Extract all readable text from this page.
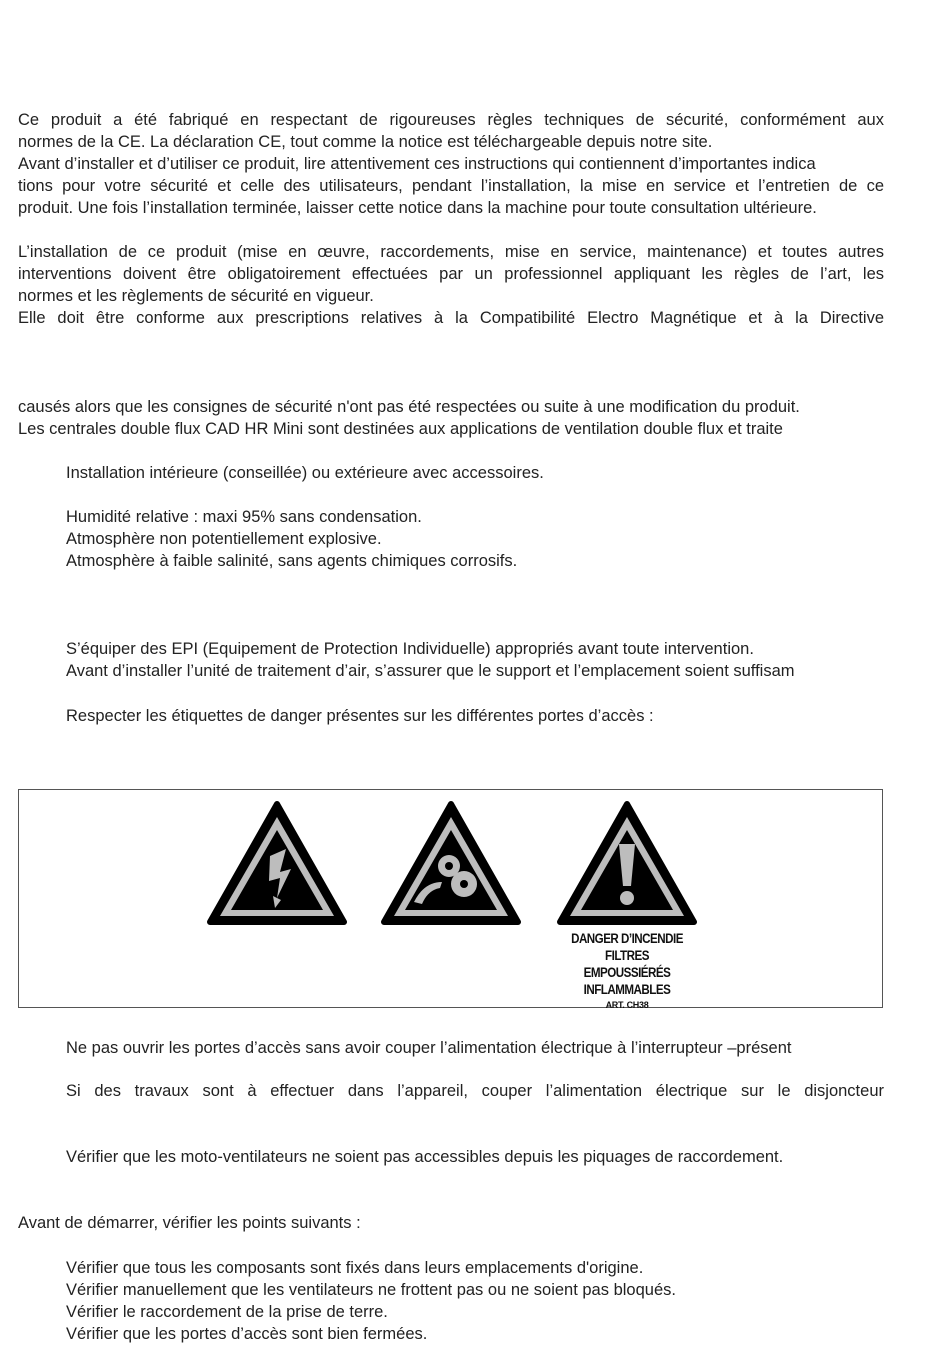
Ce produit a été fabriqué en respectant de rigoureuses règles techniques de sécurité, conformément aux
normes de la CE. La déclaration CE, tout comme la notice est téléchargeable depuis notre site.
Avant d’installer et d’utiliser ce produit, lire attentivement ces instructions qui contiennent d’importantes indica
tions pour votre sécurité et celle des utilisateurs, pendant l’installation, la mise en service et l’entretien de ce
produit. Une fois l’installation terminée, laisser cette notice dans la machine pour toute consultation ultérieure.
L’installation de ce produit (mise en œuvre, raccordements, mise en service, maintenance) et toutes autres
interventions doivent être obligatoirement effectuées par un professionnel appliquant les règles de l’art, les
normes et les règlements de sécurité en vigueur.
Elle doit être conforme aux prescriptions relatives à la Compatibilité Electro Magnétique et à la Directive
causés alors que les consignes de sécurité n'ont pas été respectées ou suite à une modification du produit.
Les centrales double flux CAD HR Mini sont destinées aux applications de ventilation double flux et traite
Installation intérieure (conseillée) ou extérieure avec accessoires.
Humidité relative : maxi 95% sans condensation.
Atmosphère non potentiellement explosive.
Atmosphère à faible salinité, sans agents chimiques corrosifs.
S’équiper des EPI (Equipement de Protection Individuelle) appropriés avant toute intervention.
Avant d’installer l’unité de traitement d’air, s’assurer que le support et l’emplacement soient suffisam
Respecter les étiquettes de danger présentes sur les différentes portes d’accès :
DANGER D’INCENDIE
FILTRES EMPOUSSIÉRÉS
INFLAMMABLES
ART. CH38
Ne pas ouvrir les portes d’accès sans avoir couper l’alimentation électrique à l’interrupteur –présent
Si des travaux sont à effectuer dans l’appareil, couper l’alimentation électrique sur le disjoncteur
Vérifier que les moto-ventilateurs ne soient pas accessibles depuis les piquages de raccordement.
Avant de démarrer, vérifier les points suivants :
Vérifier que tous les composants sont fixés dans leurs emplacements d'origine.
Vérifier manuellement que les ventilateurs ne frottent pas ou ne soient pas bloqués.
Vérifier le raccordement de la prise de terre.
Vérifier que les portes d’accès sont bien fermées.
